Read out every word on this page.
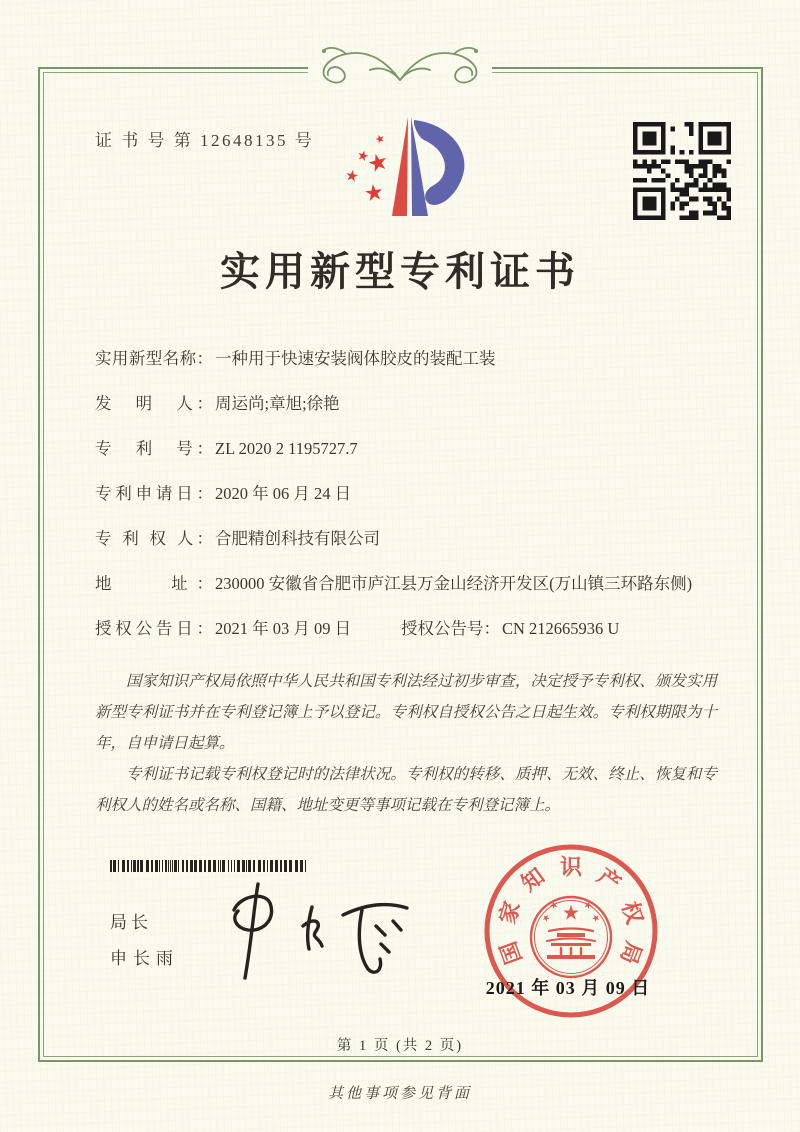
证 书 号 第 12648135 号
实用新型专利证书
实用新型名称： 一种用于快速安装阀体胶皮的装配工装
发　明　人： 周运尚;章旭;徐艳
专　利　号： ZL 2020 2 1195727.7
专利申请日： 2020 年 06 月 24 日
专 利 权 人： 合肥精创科技有限公司
地　　址： 230000 安徽省合肥市庐江县万金山经济开发区(万山镇三环路东侧)
授权公告日： 2021 年 03 月 09 日	授权公告号： CN 212665936 U

国家知识产权局依照中华人民共和国专利法经过初步审查，决定授予专利权、颁发实用新型专利证书并在专利登记簿上予以登记。专利权自授权公告之日起生效。专利权期限为十年，自申请日起算。

专利证书记载专利权登记时的法律状况。专利权的转移、质押、无效、终止、恢复和专利权人的姓名或名称、国籍、地址变更等事项记载在专利登记簿上。

局长
申长雨	国
家
知 识 产
权
局
2021 年 03 月 09 日
第 1 页 (共 2 页)
其他事项参见背面
